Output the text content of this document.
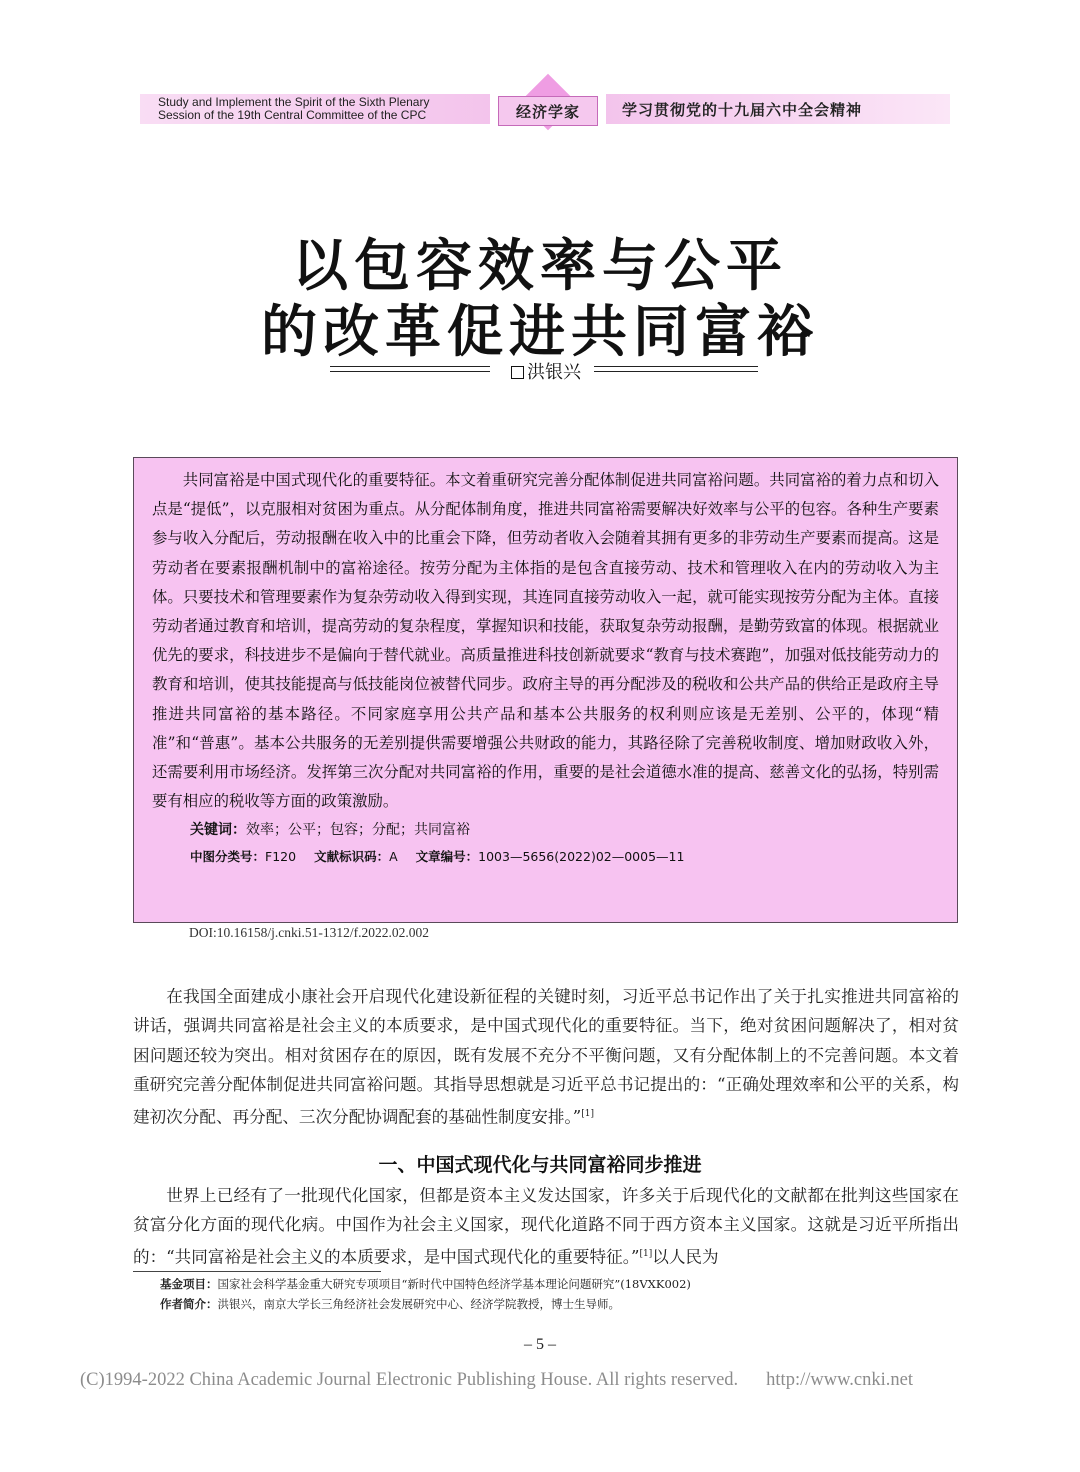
Study and Implement the Spirit of the Sixth Plenary
Session of the 19th Central Committee of the CPC	经济学家	学习贯彻党的十九届六中全会精神
以包容效率与公平
的改革促进共同富裕
洪银兴

共同富裕是中国式现代化的重要特征。本文着重研究完善分配体制促进共同富裕问题。共同富裕的着力点和切入点是“提低”，以克服相对贫困为重点。从分配体制角度，推进共同富裕需要解决好效率与公平的包容。各种生产要素参与收入分配后，劳动报酬在收入中的比重会下降，但劳动者收入会随着其拥有更多的非劳动生产要素而提高。这是劳动者在要素报酬机制中的富裕途径。按劳分配为主体指的是包含直接劳动、技术和管理收入在内的劳动收入为主体。只要技术和管理要素作为复杂劳动收入得到实现，其连同直接劳动收入一起，就可能实现按劳分配为主体。直接劳动者通过教育和培训，提高劳动的复杂程度，掌握知识和技能，获取复杂劳动报酬，是勤劳致富的体现。根据就业优先的要求，科技进步不是偏向于替代就业。高质量推进科技创新就要求“教育与技术赛跑”，加强对低技能劳动力的教育和培训，使其技能提高与低技能岗位被替代同步。政府主导的再分配涉及的税收和公共产品的供给正是政府主导推进共同富裕的基本路径。不同家庭享用公共产品和基本公共服务的权利则应该是无差别、公平的，体现“精准”和“普惠”。基本公共服务的无差别提供需要增强公共财政的能力，其路径除了完善税收制度、增加财政收入外，还需要利用市场经济。发挥第三次分配对共同富裕的作用，重要的是社会道德水准的提高、慈善文化的弘扬，特别需要有相应的税收等方面的政策激励。

关键词：效率；公平；包容；分配；共同富裕
中图分类号：F120 文献标识码：A 文章编号：1003—5656(2022)02—0005—11
DOI:10.16158/j.cnki.51-1312/f.2022.02.002

在我国全面建成小康社会开启现代化建设新征程的关键时刻，习近平总书记作出了关于扎实推进共同富裕的讲话，强调共同富裕是社会主义的本质要求，是中国式现代化的重要特征。当下，绝对贫困问题解决了，相对贫困问题还较为突出。相对贫困存在的原因，既有发展不充分不平衡问题，又有分配体制上的不完善问题。本文着重研究完善分配体制促进共同富裕问题。其指导思想就是习近平总书记提出的：“正确处理效率和公平的关系，构建初次分配、再分配、三次分配协调配套的基础性制度安排。”[1]

一、中国式现代化与共同富裕同步推进

世界上已经有了一批现代化国家，但都是资本主义发达国家，许多关于后现代化的文献都在批判这些国家在贫富分化方面的现代化病。中国作为社会主义国家，现代化道路不同于西方资本主义国家。这就是习近平所指出的：“共同富裕是社会主义的本质要求，是中国式现代化的重要特征。”[1]以人民为

基金项目：国家社会科学基金重大研究专项项目“新时代中国特色经济学基本理论问题研究”(18VXK002)
作者简介：洪银兴，南京大学长三角经济社会发展研究中心、经济学院教授，博士生导师。
– 5 –
(C)1994-2022 China Academic Journal Electronic Publishing House. All rights reserved. http://www.cnki.net
